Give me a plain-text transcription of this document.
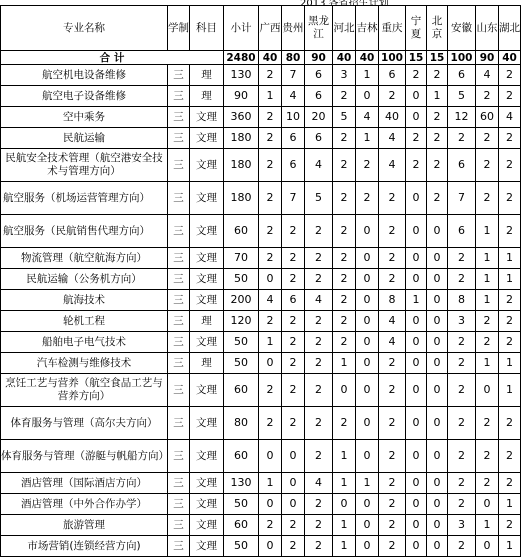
专业名称	学制	科目	小计	广西	贵州	黑龙江	河北	吉林	重庆	宁夏	北京	安徽	山东	湖北
合 计			2480	40	80	90	40	40	100	15	15	100	90	40
航空机电设备维修	三	理	130	2	7	6	3	1	6	2	2	6	4	2
航空电子设备维修	三	理	90	1	4	6	2	0	2	0	1	5	2	2
空中乘务	三	文理	360	2	10	20	5	4	40	0	2	12	60	4
民航运输	三	文理	180	2	6	6	2	1	4	2	2	2	2	2
民航安全技术管理（航空港安全技术与管理方向）	三	文理	180	2	6	4	2	2	4	2	2	6	2	2
航空服务（机场运营管理方向）	三	文理	180	2	7	5	2	2	2	0	2	7	2	2
航空服务（民航销售代理方向）	三	文理	60	2	2	2	2	0	2	0	0	6	1	2
物流管理（航空航海方向）	三	文理	70	2	2	2	2	0	2	0	0	2	1	1
民航运输（公务机方向）	三	文理	50	0	2	2	2	0	2	0	0	2	1	1
航海技术	三	文理	200	4	6	4	2	0	8	1	0	8	1	2
轮机工程	三	理	120	2	2	2	2	0	4	0	0	3	2	2
船舶电子电气技术	三	文理	50	1	2	2	2	0	4	0	0	2	2	2
汽车检测与维修技术	三	理	50	0	2	2	1	0	2	0	0	2	1	1
烹饪工艺与营养（航空食品工艺与营养方向）	三	文理	60	2	2	2	0	0	2	0	0	2	0	1
体育服务与管理（高尔夫方向）	三	文理	80	2	2	2	2	0	2	0	0	2	2	2
体育服务与管理（游艇与帆船方向）	三	文理	60	0	0	2	1	0	2	0	0	2	2	2
酒店管理（国际酒店方向）	三	文理	130	1	0	4	1	1	2	0	0	2	2	2
酒店管理（中外合作办学）	三	文理	50	0	0	2	0	0	2	0	0	2	0	1
旅游管理	三	文理	60	2	2	2	1	0	2	0	0	3	1	2
市场营销(连锁经营方向)	三	文理	50	0	2	2	1	0	2	0	0	2	0	1
